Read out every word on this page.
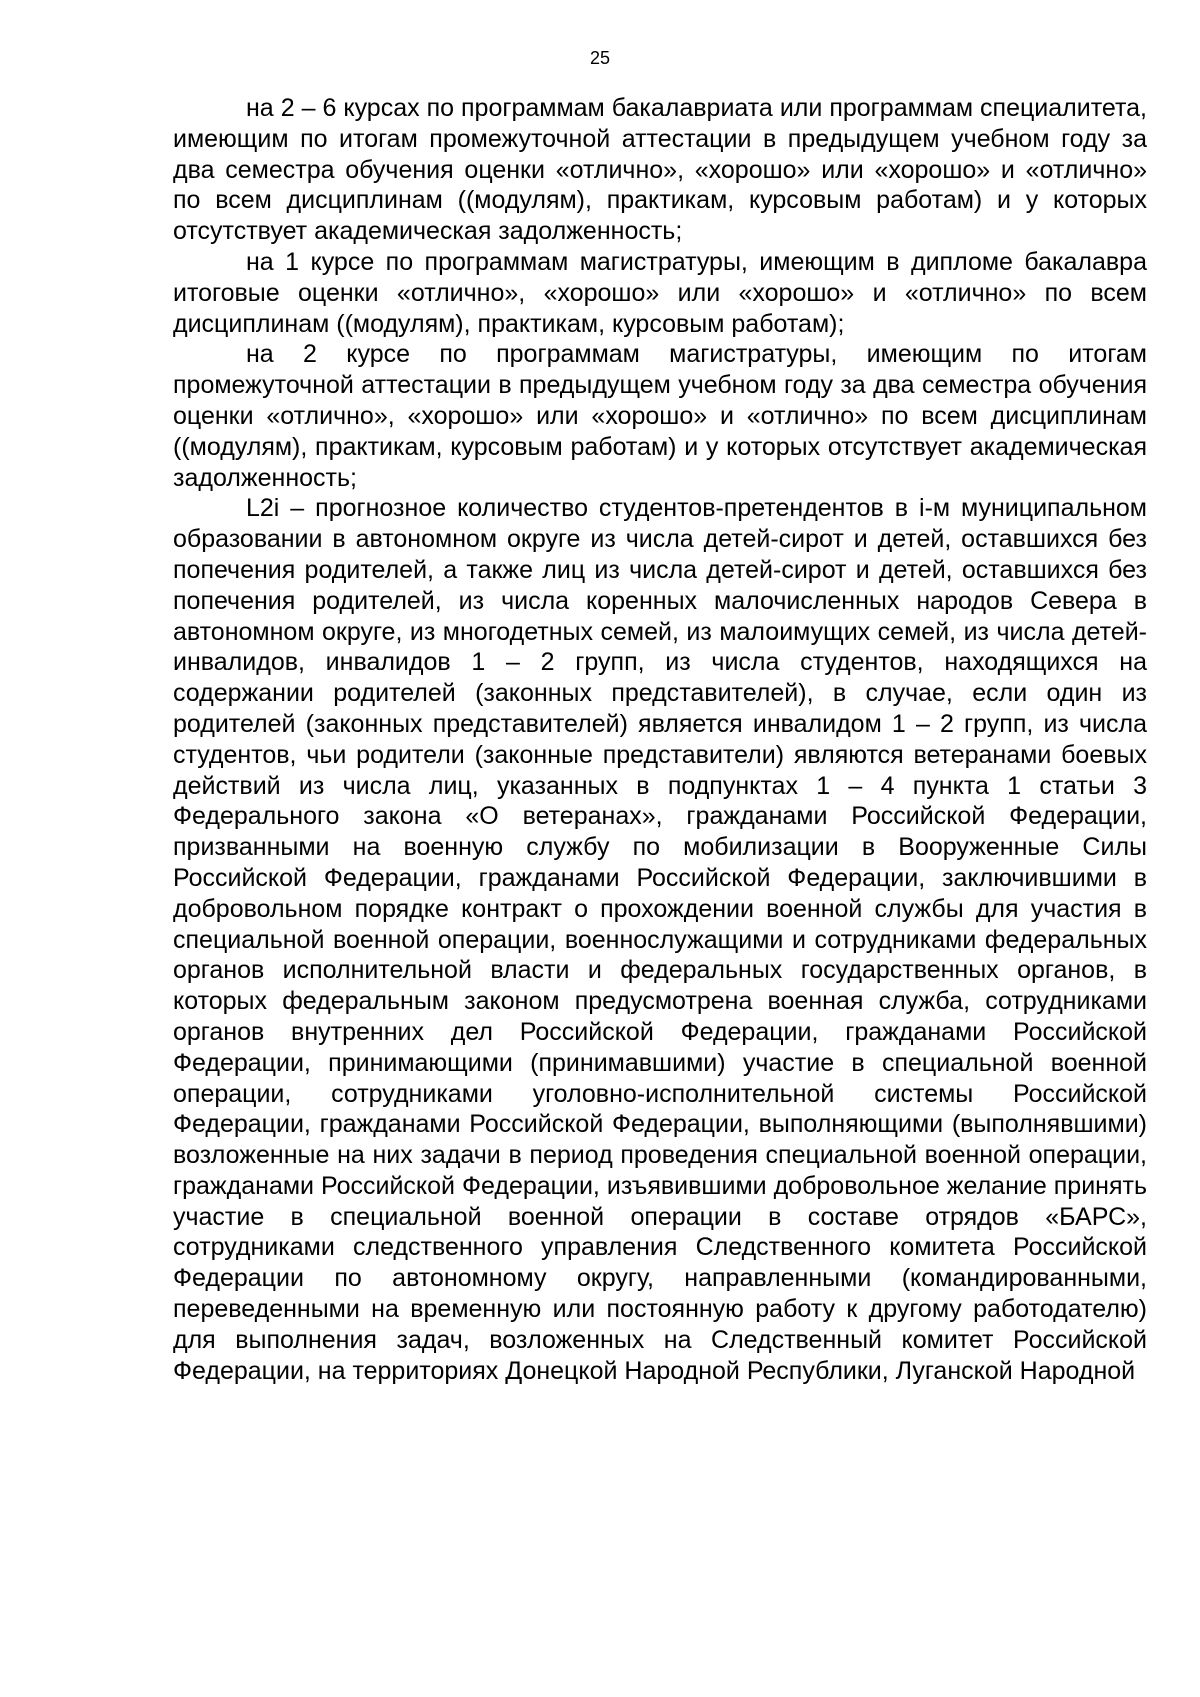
25

на 2 – 6 курсах по программам бакалавриата или программам специалитета, имеющим по итогам промежуточной аттестации в предыдущем учебном году за два семестра обучения оценки «отлично», «хорошо» или «хорошо» и «отлично» по всем дисциплинам ((модулям), практикам, курсовым работам) и у которых отсутствует академическая задолженность;

на 1 курсе по программам магистратуры, имеющим в дипломе бакалавра итоговые оценки «отлично», «хорошо» или «хорошо» и «отлично» по всем дисциплинам ((модулям), практикам, курсовым работам);

на 2 курсе по программам магистратуры, имеющим по итогам промежуточной аттестации в предыдущем учебном году за два семестра обучения оценки «отлично», «хорошо» или «хорошо» и «отлично» по всем дисциплинам ((модулям), практикам, курсовым работам) и у которых отсутствует академическая задолженность;

L2i – прогнозное количество студентов-претендентов в i-м муниципальном образовании в автономном округе из числа детей-сирот и детей, оставшихся без попечения родителей, а также лиц из числа детей-сирот и детей, оставшихся без попечения родителей, из числа коренных малочисленных народов Севера в автономном округе, из многодетных семей, из малоимущих семей, из числа детей-инвалидов, инвалидов 1 – 2 групп, из числа студентов, находящихся на содержании родителей (законных представителей), в случае, если один из родителей (законных представителей) является инвалидом 1 – 2 групп, из числа студентов, чьи родители (законные представители) являются ветеранами боевых действий из числа лиц, указанных в подпунктах 1 – 4 пункта 1 статьи 3 Федерального закона «О ветеранах», гражданами Российской Федерации, призванными на военную службу по мобилизации в Вооруженные Силы Российской Федерации, гражданами Российской Федерации, заключившими в добровольном порядке контракт о прохождении военной службы для участия в специальной военной операции, военнослужащими и сотрудниками федеральных органов исполнительной власти и федеральных государственных органов, в которых федеральным законом предусмотрена военная служба, сотрудниками органов внутренних дел Российской Федерации, гражданами Российской Федерации, принимающими (принимавшими) участие в специальной военной операции, сотрудниками уголовно-исполнительной системы Российской Федерации, гражданами Российской Федерации, выполняющими (выполнявшими) возложенные на них задачи в период проведения специальной военной операции, гражданами Российской Федерации, изъявившими добровольное желание принять участие в специальной военной операции в составе отрядов «БАРС», сотрудниками следственного управления Следственного комитета Российской Федерации по автономному округу, направленными (командированными, переведенными на временную или постоянную работу к другому работодателю) для выполнения задач, возложенных на Следственный комитет Российской Федерации, на территориях Донецкой Народной Республики, Луганской Народной
